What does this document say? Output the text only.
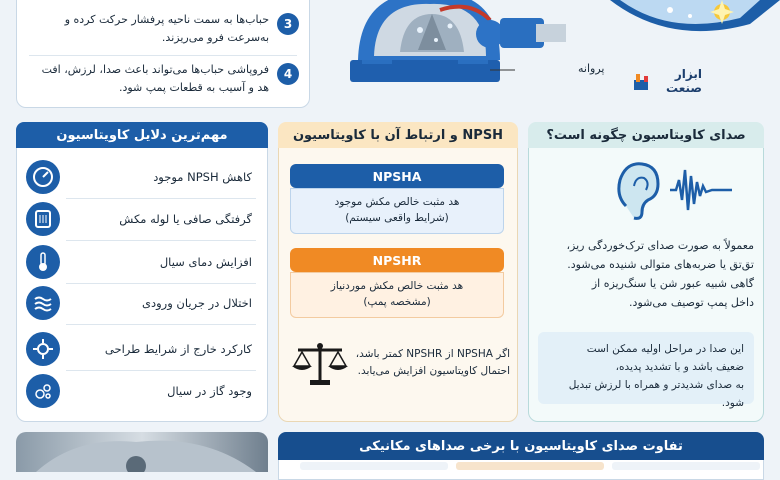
3
حباب‌ها به سمت ناحیه پرفشار حرکت کرده و به‌سرعت فرو می‌ریزند.
4
فروپاشی حباب‌ها می‌تواند باعث صدا، لرزش، افت هد و آسیب به قطعات پمپ شود.
پروانه	ابزار صنعت
مهم‌ترین دلایل کاویتاسیون
کاهش NPSH موجود
گرفتگی صافی یا لوله مکش
افزایش دمای سیال
اختلال در جریان ورودی
کارکرد خارج از شرایط طراحی
وجود گاز در سیال
NPSH و ارتباط آن با کاویتاسیون
NPSHA
هد مثبت خالص مکش موجود
(شرایط واقعی سیستم)
NPSHR
هد مثبت خالص مکش موردنیاز
(مشخصه پمپ)
اگر NPSHA از NPSHR کمتر باشد،
احتمال کاویتاسیون افزایش می‌یابد.
صدای کاویتاسیون چگونه است؟
معمولاً به صورت صدای ترک‌خوردگی ریز،
تق‌تق یا ضربه‌های متوالی شنیده می‌شود.
گاهی شبیه عبور شن یا سنگ‌ریزه از
داخل پمپ توصیف می‌شود.
این صدا در مراحل اولیه ممکن است
ضعیف باشد و با تشدید پدیده،
به صدای شدیدتر و همراه با لرزش تبدیل شود.
تفاوت صدای کاویتاسیون با برخی صداهای مکانیکی
